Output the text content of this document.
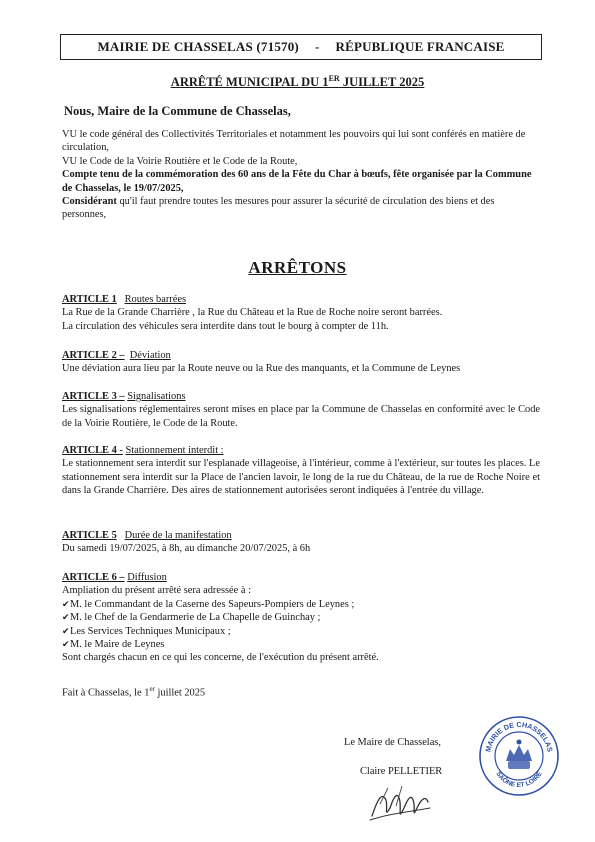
MAIRIE DE CHASSELAS (71570) - RÉPUBLIQUE FRANCAISE
ARRÊTÉ MUNICIPAL DU 1ER JUILLET 2025
Nous, Maire de la Commune de Chasselas,

VU le code général des Collectivités Territoriales et notamment les pouvoirs qui lui sont conférés en matière de circulation,

VU le Code de la Voirie Routière et le Code de la Route,

Compte tenu de la commémoration des 60 ans de la Fête du Char à bœufs, fête organisée par la Commune de Chasselas, le 19/07/2025,

Considérant qu'il faut prendre toutes les mesures pour assurer la sécurité de circulation des biens et des personnes,

ARRÊTONS

ARTICLE 1 Routes barrées

La Rue de la Grande Charrière , la Rue du Château et la Rue de Roche noire seront barrées.

La circulation des véhicules sera interdite dans tout le bourg à compter de 11h.

ARTICLE 2 – Déviation

Une déviation aura lieu par la Route neuve ou la Rue des manquants, et la Commune de Leynes

ARTICLE 3 – Signalisations

Les signalisations réglementaires seront mises en place par la Commune de Chasselas en conformité avec le Code de la Voirie Routière, le Code de la Route.

ARTICLE 4 - Stationnement interdit :

Le stationnement sera interdit sur l'esplanade villageoise, à l'intérieur, comme à l'extérieur, sur toutes les places. Le stationnement sera interdit sur la Place de l'ancien lavoir, le long de la rue du Château, de la rue de Roche Noire et dans la Grande Charrière. Des aires de stationnement autorisées seront indiquées à l'entrée du village.

ARTICLE 5 Durée de la manifestation

Du samedi 19/07/2025, à 8h, au dimanche 20/07/2025, à 6h

ARTICLE 6 – Diffusion

Ampliation du présent arrêté sera adressée à :

✔M. le Commandant de la Caserne des Sapeurs-Pompiers de Leynes ;

✔M. le Chef de la Gendarmerie de La Chapelle de Guinchay ;

✔Les Services Techniques Municipaux ;

✔M. le Maire de Leynes

Sont chargés chacun en ce qui les concerne, de l'exécution du présent arrêté.

Fait à Chasselas, le 1er juillet 2025

Le Maire de Chasselas,
Claire PELLETIER
MAIRIE DE CHASSELAS
SAÔNE ET LOIRE
